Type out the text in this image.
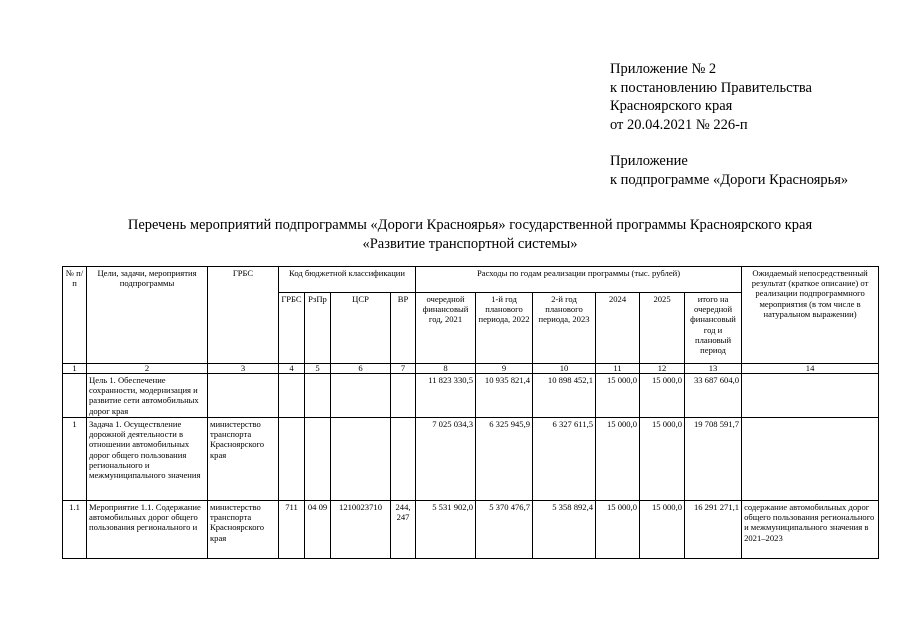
Приложение № 2
к постановлению Правительства
Красноярского края
от 20.04.2021 № 226-п
Приложение
к подпрограмме «Дороги Красноярья»
Перечень мероприятий подпрограммы «Дороги Красноярья» государственной программы Красноярского края
«Развитие транспортной системы»
№ п/п	Цели, задачи, мероприятия подпрограммы	ГРБС	Код бюджетной классификации				Расходы по годам реализации программы (тыс. рублей)						Ожидаемый непосредственный результат (краткое описание) от реализации подпрограммного мероприятия (в том числе в натуральном выражении)
			ГРБС	РзПр	ЦСР	ВР	очередной финансовый год, 2021	1-й год планового периода, 2022	2-й год планового периода, 2023	2024	2025	итого на очередной финансовый год и плановый период	
1	2	3	4	5	6	7	8	9	10	11	12	13	14
	Цель 1. Обеспечение сохранности, модернизация и развитие сети автомобильных дорог края						11 823 330,5	10 935 821,4	10 898 452,1	15 000,0	15 000,0	33 687 604,0	
1	Задача 1. Осуществление дорожной деятельности в отношении автомобильных дорог общего пользования регионального и межмуниципального значения	министерство транспорта Красноярского края					7 025 034,3	6 325 945,9	6 327 611,5	15 000,0	15 000,0	19 708 591,7	
1.1	Мероприятие 1.1. Содержание автомобильных дорог общего пользования регионального и	министерство транспорта Красноярского края	711	04 09	1210023710	244, 247	5 531 902,0	5 370 476,7	5 358 892,4	15 000,0	15 000,0	16 291 271,1	содержание автомобильных дорог общего пользования регионального и межмуниципального значения в 2021–2023
